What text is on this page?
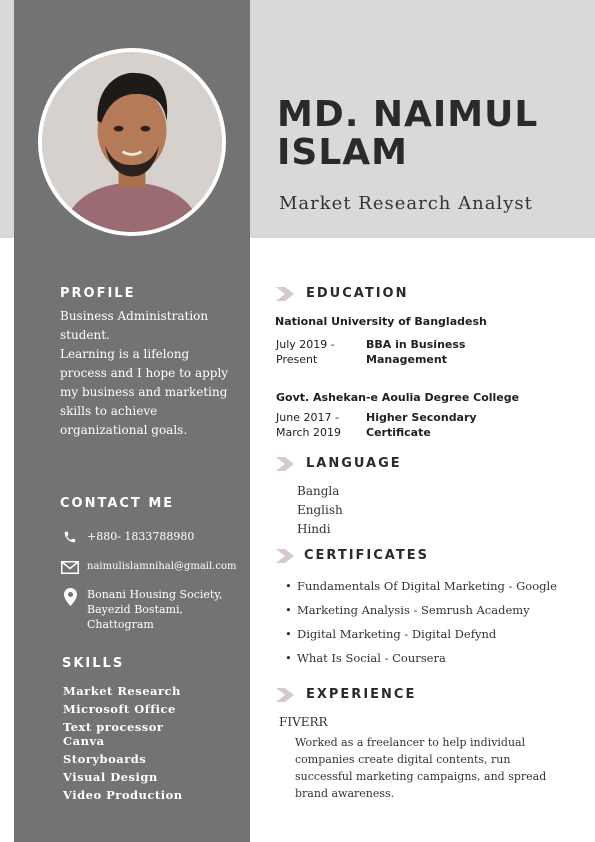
MD. NAIMUL ISLAM
Market Research Analyst
PROFILE

Business Administration student.

Learning is a lifelong process and I hope to apply my business and marketing skills to achieve organizational goals.

CONTACT ME
+880- 1833788980
naimulislamnihal@gmail.com
Bonani Housing Society, Bayezid Bostami, Chattogram
SKILLS
Market Research
Microsoft Office
Text processor Canva
Storyboards
Visual Design
Video Production
EDUCATION
National University of Bangladesh
July 2019 - Present
BBA in Business Management
Govt. Ashekan-e Aoulia Degree College
June 2017 - March 2019
Higher Secondary Certificate
LANGUAGE
Bangla
English
Hindi
CERTIFICATES
• Fundamentals Of Digital Marketing - Google
• Marketing Analysis - Semrush Academy
• Digital Marketing - Digital Defynd
• What Is Social - Coursera
EXPERIENCE
FIVERR
Worked as a freelancer to help individual companies create digital contents, run successful marketing campaigns, and spread brand awareness.
